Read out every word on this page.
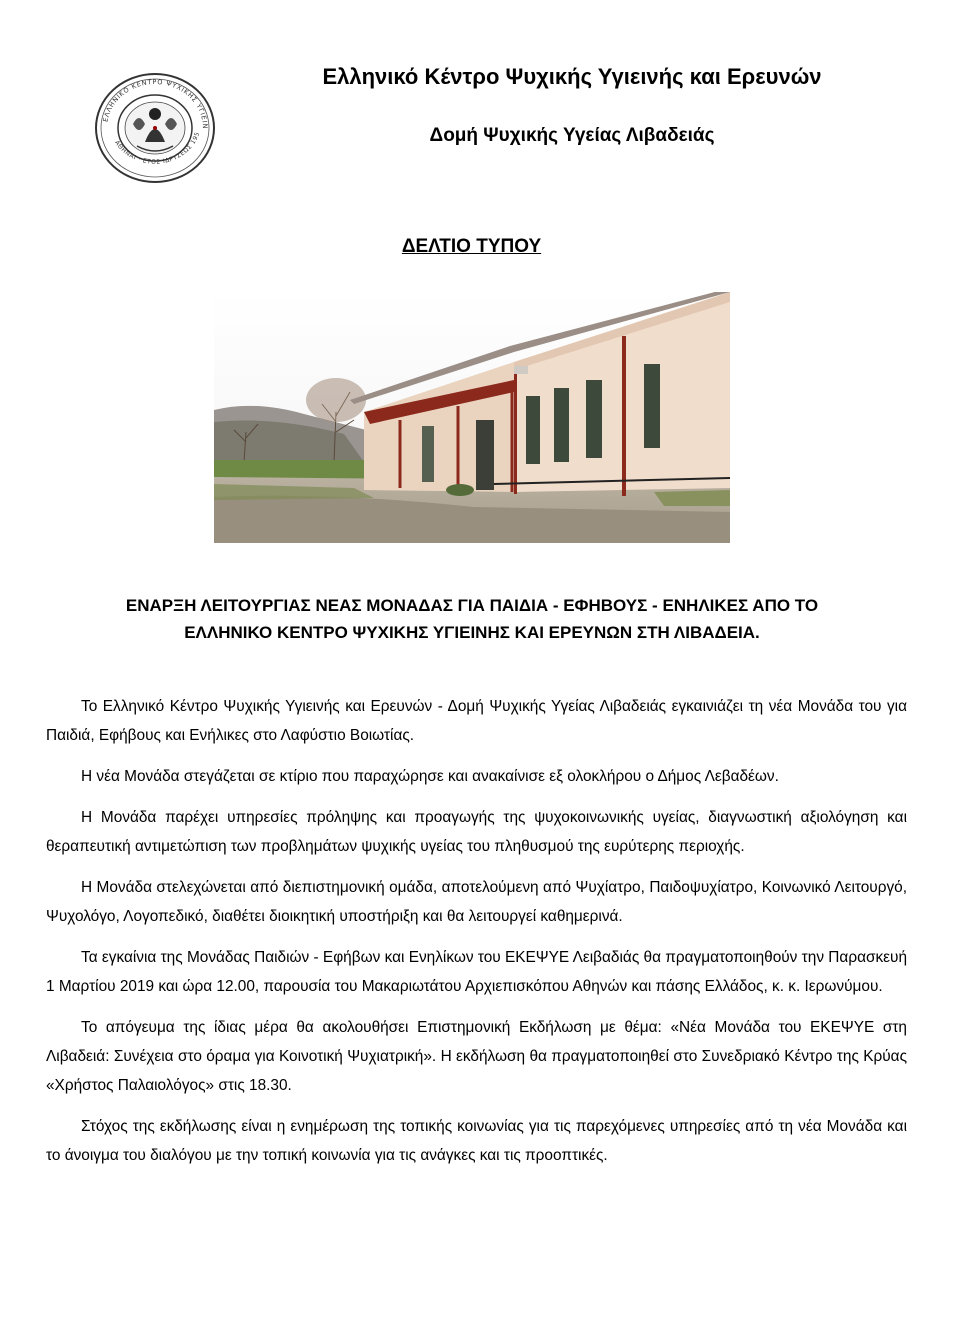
ΕΛΛΗΝΙΚΟ ΚΕΝΤΡΟ ΨΥΧΙΚΗΣ ΥΓΙΕΙΝ
ΑΘΗΝΑΙ · ΕΤΟΣ ΙΔΡΥΣΕΩΣ 195
Ελληνικό Κέντρο Ψυχικής Υγιεινής και Ερευνών
Δομή Ψυχικής Υγείας Λιβαδειάς
ΔΕΛΤΙΟ ΤΥΠΟΥ
ΕΝΑΡΞΗ ΛΕΙΤΟΥΡΓΙΑΣ ΝΕΑΣ ΜΟΝΑΔΑΣ ΓΙΑ ΠΑΙΔΙΑ - ΕΦΗΒΟΥΣ - ΕΝΗΛΙΚΕΣ ΑΠΟ ΤΟ
ΕΛΛΗΝΙΚΟ ΚΕΝΤΡΟ ΨΥΧΙΚΗΣ ΥΓΙΕΙΝΗΣ ΚΑΙ ΕΡΕΥΝΩΝ ΣΤΗ ΛΙΒΑΔΕΙΑ.

Το Ελληνικό Κέντρο Ψυχικής Υγιεινής και Ερευνών - Δομή Ψυχικής Υγείας Λιβαδειάς εγκαινιάζει τη νέα Μονάδα του για Παιδιά, Εφήβους και Ενήλικες στο Λαφύστιο Βοιωτίας.

Η νέα Μονάδα στεγάζεται σε κτίριο που παραχώρησε και ανακαίνισε εξ ολοκλήρου ο Δήμος Λεβαδέων.

Η Μονάδα παρέχει υπηρεσίες πρόληψης και προαγωγής της ψυχοκοινωνικής υγείας, διαγνωστική αξιολόγηση και θεραπευτική αντιμετώπιση των προβλημάτων ψυχικής υγείας του πληθυσμού της ευρύτερης περιοχής.

Η Μονάδα στελεχώνεται από διεπιστημονική ομάδα, αποτελούμενη από Ψυχίατρο, Παιδοψυχίατρο, Κοινωνικό Λειτουργό, Ψυχολόγο, Λογοπεδικό, διαθέτει διοικητική υποστήριξη και θα λειτουργεί καθημερινά.

Τα εγκαίνια της Μονάδας Παιδιών - Εφήβων και Ενηλίκων του ΕΚΕΨΥΕ Λειβαδιάς θα πραγματοποιηθούν την Παρασκευή 1 Μαρτίου 2019 και ώρα 12.00, παρουσία του Μακαριωτάτου Αρχιεπισκόπου Αθηνών και πάσης Ελλάδος, κ. κ. Ιερωνύμου.

Το απόγευμα της ίδιας μέρα θα ακολουθήσει Επιστημονική Εκδήλωση με θέμα: «Νέα Μονάδα του ΕΚΕΨΥΕ στη Λιβαδειά: Συνέχεια στο όραμα για Κοινοτική Ψυχιατρική». Η εκδήλωση θα πραγματοποιηθεί στο Συνεδριακό Κέντρο της Κρύας «Χρήστος Παλαιολόγος» στις 18.30.

Στόχος της εκδήλωσης είναι η ενημέρωση της τοπικής κοινωνίας για τις παρεχόμενες υπηρεσίες από τη νέα Μονάδα και το άνοιγμα του διαλόγου με την τοπική κοινωνία για τις ανάγκες και τις προοπτικές.
